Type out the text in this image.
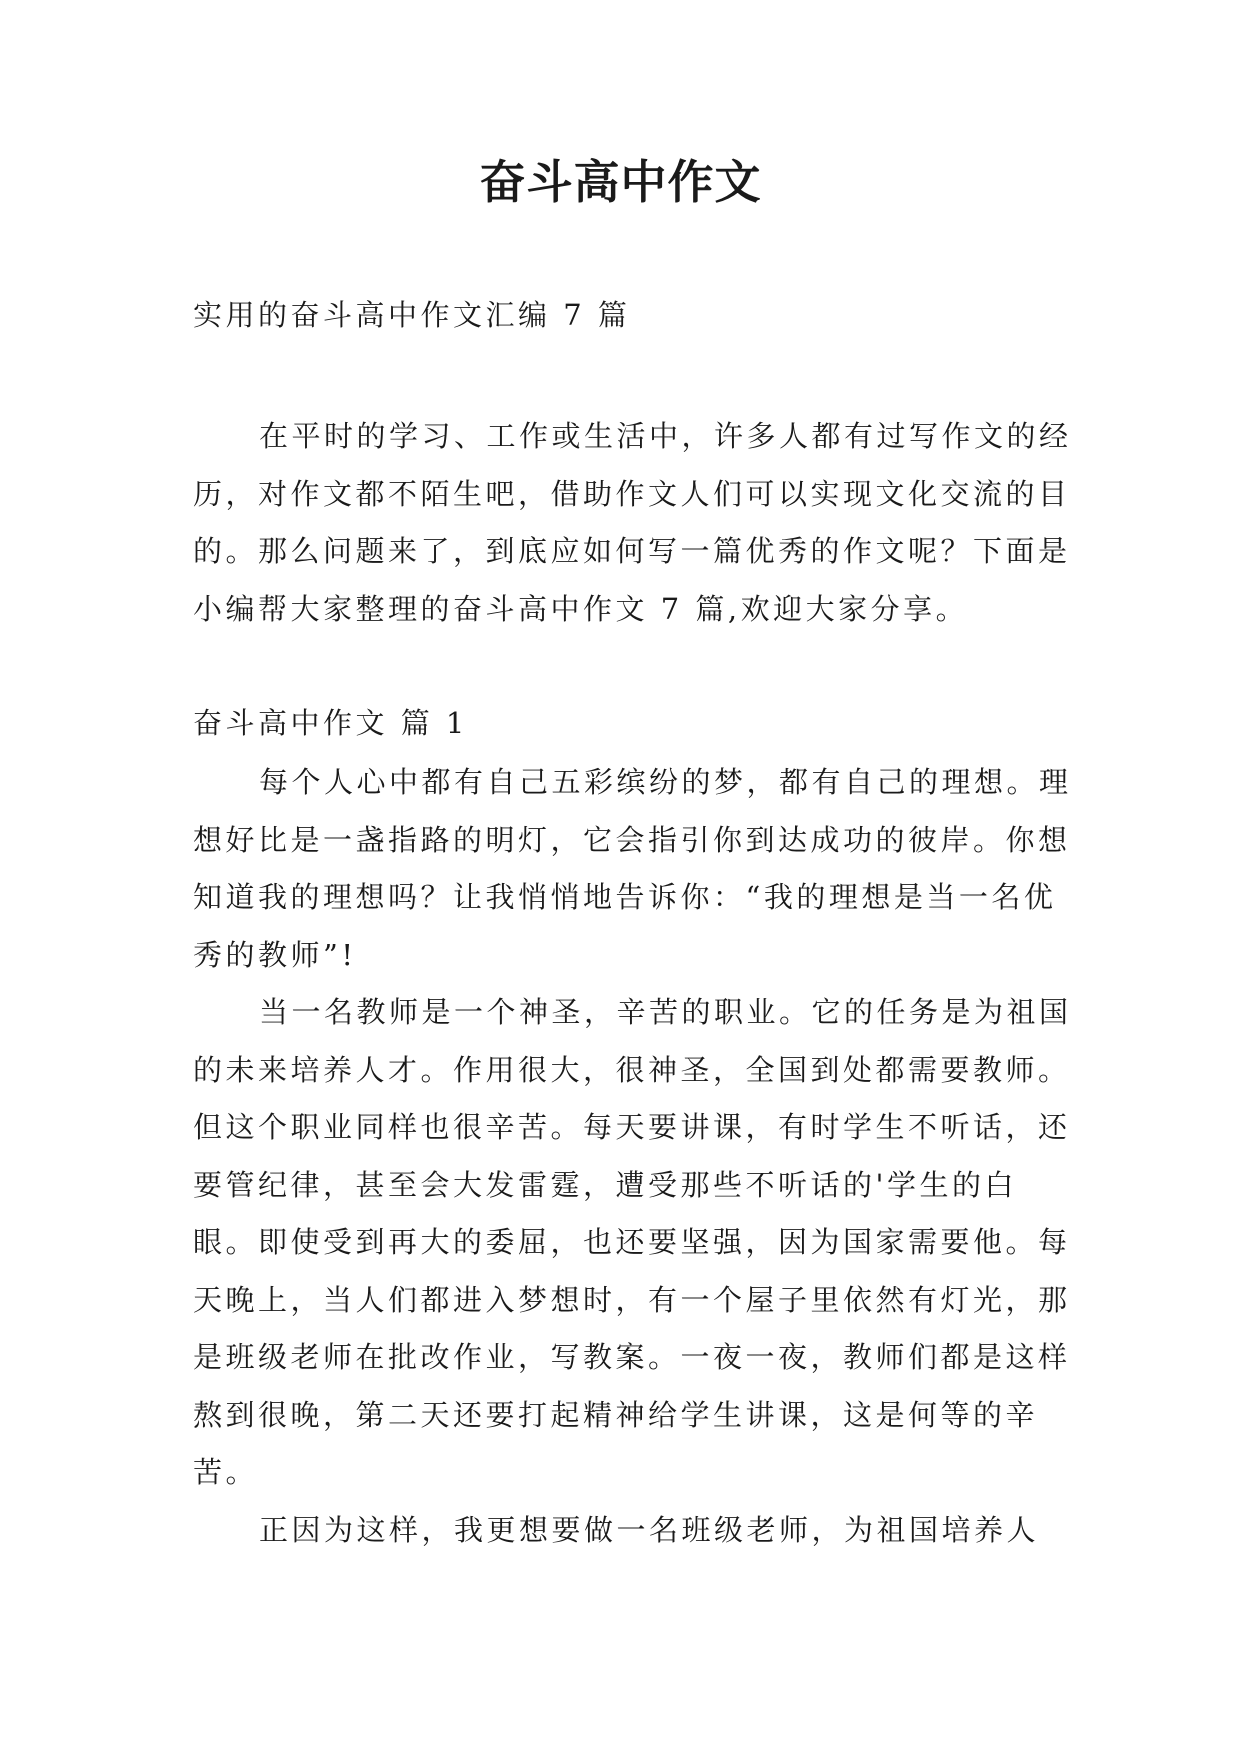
奋斗高中作文

实用的奋斗高中作文汇编 7 篇

在平时的学习、工作或生活中，许多人都有过写作文的经历，对作文都不陌生吧，借助作文人们可以实现文化交流的目的。那么问题来了，到底应如何写一篇优秀的作文呢？下面是小编帮大家整理的奋斗高中作文 7 篇,欢迎大家分享。

奋斗高中作文 篇 1

每个人心中都有自己五彩缤纷的梦，都有自己的理想。理想好比是一盏指路的明灯，它会指引你到达成功的彼岸。你想知道我的理想吗？让我悄悄地告诉你：“我的理想是当一名优秀的教师”!

当一名教师是一个神圣，辛苦的职业。它的任务是为祖国的未来培养人才。作用很大，很神圣，全国到处都需要教师。但这个职业同样也很辛苦。每天要讲课，有时学生不听话，还要管纪律，甚至会大发雷霆，遭受那些不听话的'学生的白眼。即使受到再大的委屈，也还要坚强，因为国家需要他。每天晚上，当人们都进入梦想时，有一个屋子里依然有灯光，那是班级老师在批改作业，写教案。一夜一夜，教师们都是这样熬到很晚，第二天还要打起精神给学生讲课，这是何等的辛苦。

正因为这样，我更想要做一名班级老师，为祖国培养人
